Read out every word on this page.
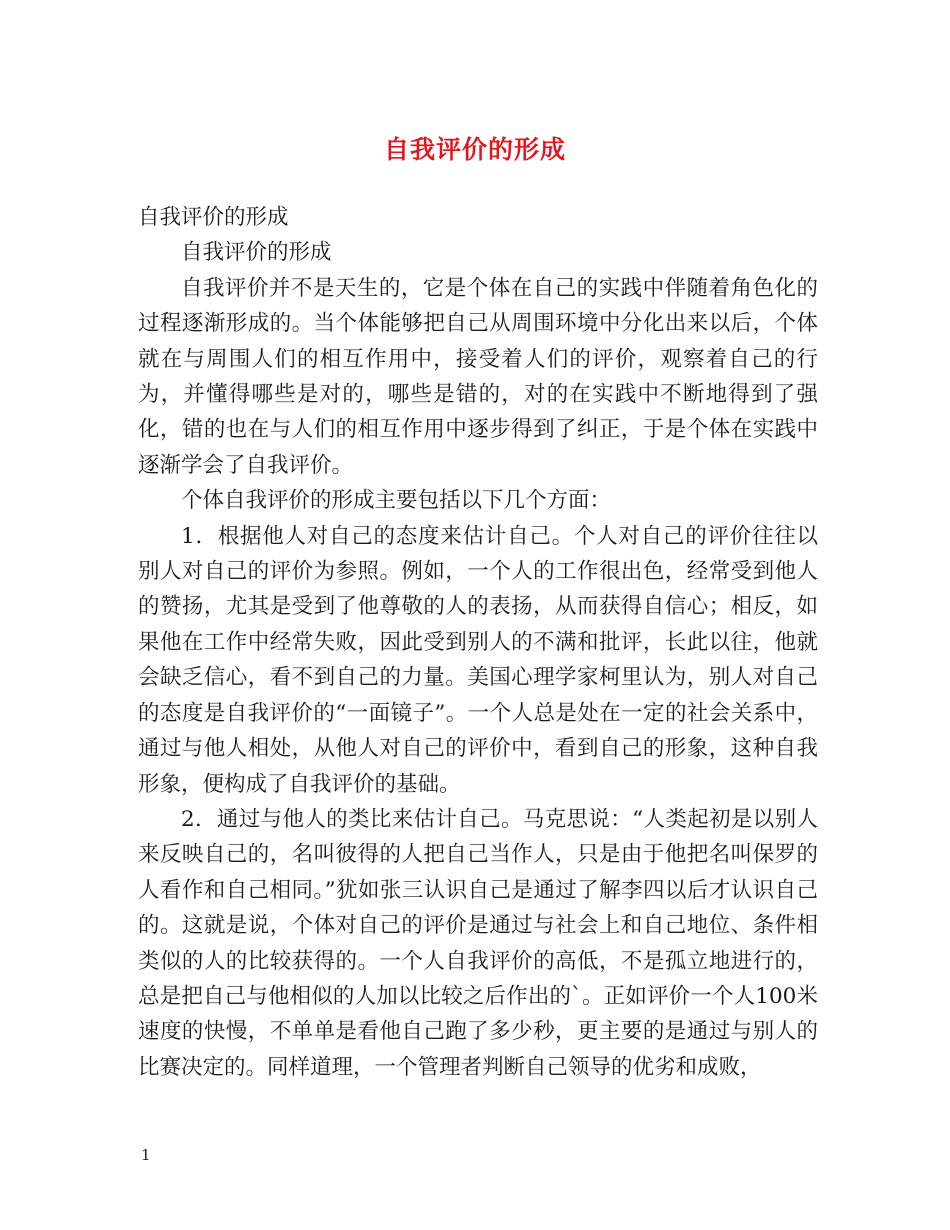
自我评价的形成

自我评价的形成

自我评价的形成

自我评价并不是天生的，它是个体在自己的实践中伴随着角色化的过程逐渐形成的。当个体能够把自己从周围环境中分化出来以后，个体就在与周围人们的相互作用中，接受着人们的评价，观察着自己的行为，并懂得哪些是对的，哪些是错的，对的在实践中不断地得到了强化，错的也在与人们的相互作用中逐步得到了纠正，于是个体在实践中逐渐学会了自我评价。

个体自我评价的形成主要包括以下几个方面：

1．根据他人对自己的态度来估计自己。个人对自己的评价往往以别人对自己的评价为参照。例如，一个人的工作很出色，经常受到他人的赞扬，尤其是受到了他尊敬的人的表扬，从而获得自信心；相反，如果他在工作中经常失败，因此受到别人的不满和批评，长此以往，他就会缺乏信心，看不到自己的力量。美国心理学家柯里认为，别人对自己的态度是自我评价的“一面镜子”。一个人总是处在一定的社会关系中，通过与他人相处，从他人对自己的评价中，看到自己的形象，这种自我形象，便构成了自我评价的基础。

2．通过与他人的类比来估计自己。马克思说：“人类起初是以别人来反映自己的，名叫彼得的人把自己当作人，只是由于他把名叫保罗的人看作和自己相同。”犹如张三认识自己是通过了解李四以后才认识自己的。这就是说，个体对自己的评价是通过与社会上和自己地位、条件相类似的人的比较获得的。一个人自我评价的高低，不是孤立地进行的，总是把自己与他相似的人加以比较之后作出的`。正如评价一个人100米速度的快慢，不单单是看他自己跑了多少秒，更主要的是通过与别人的比赛决定的。同样道理，一个管理者判断自己领导的优劣和成败，

1
